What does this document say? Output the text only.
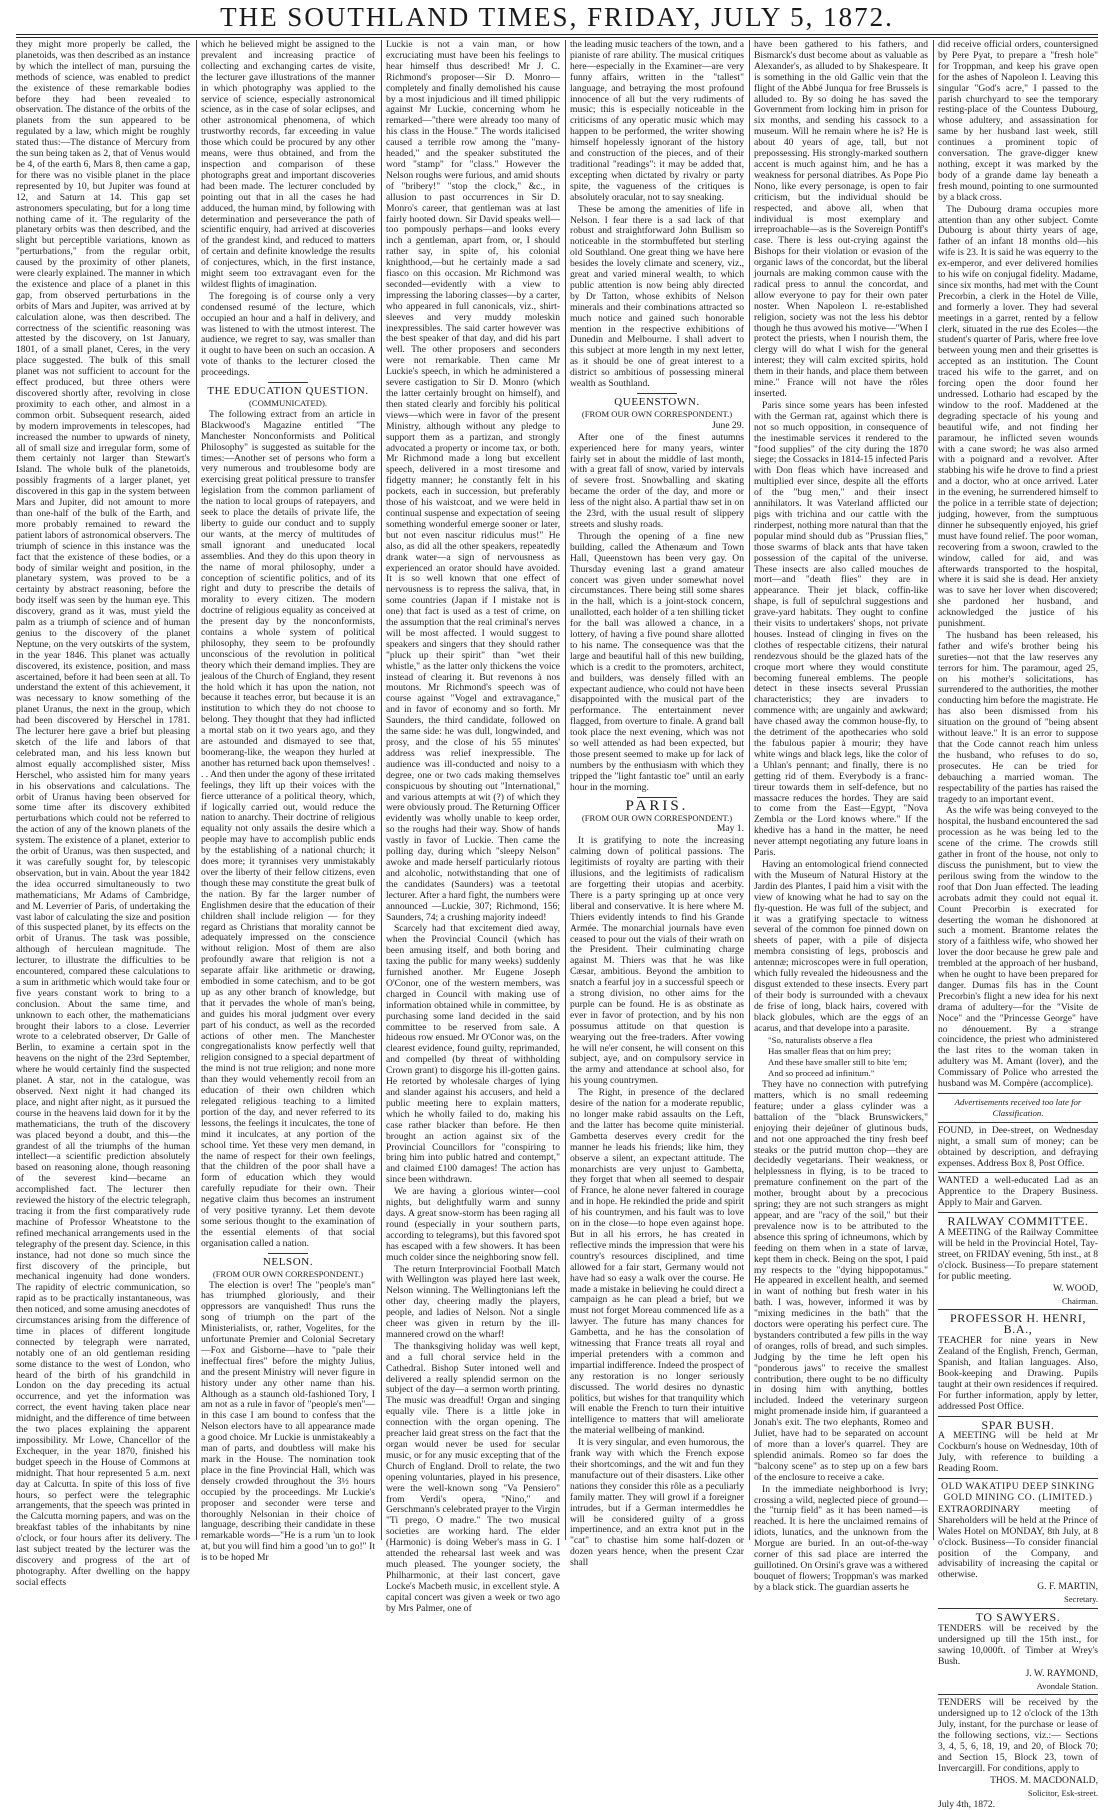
THE SOUTHLAND TIMES, FRIDAY, JULY 5, 1872.

they might more properly be called, the planetoids, was then described as an instance by which the intellect of man, pursuing the methods of science, was enabled to predict the existence of these remarkable bodies before they had been revealed to observation. The distance of the orbits of the planets from the sun appeared to be regulated by a law, which might be roughly stated thus:—The distance of Mercury from the sun being taken as 2, that of Venus would be 4, of the earth 6, Mars 8, then came a gap, for there was no visible planet in the place represented by 10, but Jupiter was found at 12, and Saturn at 14. This gap set astronomers speculating, but for a long time nothing came of it. The regularity of the planetary orbits was then described, and the slight but perceptible variations, known as "perturbations," from the regular orbit, caused by the proximity of other planets, were clearly explained. The manner in which the existence and place of a planet in this gap, from observed perturbations in the orbits of Mars and Jupiter, was arrived at by calculation alone, was then described. The correctness of the scientific reasoning was attested by the discovery, on 1st January, 1801, of a small planet, Ceres, in the very place suggested. The bulk of this small planet was not sufficient to account for the effect produced, but three others were discovered shortly after, revolving in close proximity to each other, and almost in a common orbit. Subsequent research, aided by modern improvements in telescopes, had increased the number to upwards of ninety, all of small size and irregular form, some of them certainly not larger than Stewart's Island. The whole bulk of the planetoids, possibly fragments of a larger planet, yet discovered in this gap in the system between Mars and Jupiter, did not amount to more than one-half of the bulk of the Earth, and more probably remained to reward the patient labors of astronomical observers. The triumph of science in this instance was the fact that the existence of these bodies, or a body of similar weight and position, in the planetary system, was proved to be a certainty by abstract reasoning, before the body itself was seen by the human eye. This discovery, grand as it was, must yield the palm as a triumph of science and of human genius to the discovery of the planet Neptune, on the very outskirts of the system, in the year 1846. This planet was actually discovered, its existence, position, and mass ascertained, before it had been seen at all. To understand the extent of this achievement, it was necessary to know something of the planet Uranus, the next in the group, which had been discovered by Herschel in 1781. The lecturer here gave a brief but pleasing sketch of the life and labors of that celebrated man, and his less known but almost equally accomplished sister, Miss Herschel, who assisted him for many years in his observations and calculations. The orbit of Uranus having been observed for some time after its discovery exhibited perturbations which could not be referred to the action of any of the known planets of the system. The existence of a planet, exterior to the orbit of Uranus, was then suspected, and it was carefully sought for, by telescopic observation, but in vain. About the year 1842 the idea occurred simultaneously to two mathematicians, Mr Adams of Cambridge, and M. Leverrier of Paris, of undertaking the vast labor of calculating the size and position of this suspected planet, by its effects on the orbit of Uranus. The task was possible, although of herculean magnitude. The lecturer, to illustrate the difficulties to be encountered, compared these calculations to a sum in arithmetic which would take four or five years constant work to bring to a conclusion. About the same time, and unknown to each other, the mathematicians brought their labors to a close. Leverrier wrote to a celebrated observer, Dr Galle of Berlin, to examine a certain spot in the heavens on the night of the 23rd September, where he would certainly find the suspected planet. A star, not in the catalogue, was observed. Next night it had changed its place, and night after night, as it pursued the course in the heavens laid down for it by the mathematicians, the truth of the discovery was placed beyond a doubt, and this—the grandest of all the triumphs of the human intellect—a scientific prediction absolutely based on reasoning alone, though reasoning of the severest kind—became an accomplished fact. The lecturer then reviewed the history of the electric telegraph, tracing it from the first comparatively rude machine of Professor Wheatstone to the refined mechanical arrangements used in the telegraphy of the present day. Science, in this instance, had not done so much since the first discovery of the principle, but mechanical ingenuity had done wonders. The rapidity of electric communication, so rapid as to be practically instantaneous, was then noticed, and some amusing anecdotes of circumstances arising from the difference of time in places of different longitude connected by telegraph were narrated, notably one of an old gentleman residing some distance to the west of London, who heard of the birth of his grandchild in London on the day preceding its actual occurrence, and yet the information was correct, the event having taken place near midnight, and the difference of time between the two places explaining the apparent impossibility. Mr Lowe, Chancellor of the Exchequer, in the year 1870, finished his budget speech in the House of Commons at midnight. That hour represented 5 a.m. next day at Calcutta. In spite of this loss of five hours, so perfect were the telegraphic arrangements, that the speech was printed in the Calcutta morning papers, and was on the breakfast tables of the inhabitants by nine o'clock, or four hours after its delivery. The last subject treated by the lecturer was the discovery and progress of the art of photography. After dwelling on the happy social effects

which he believed might be assigned to the prevalent and increasing practice of collecting and exchanging cartes de visite, the lecturer gave illustrations of the manner in which photography was applied to the service of science, especially astronomical science, as in the case of solar eclipses, and other astronomical phenomena, of which trustworthy records, far exceeding in value those which could be procured by any other means, were thus obtained, and from the inspection and comparison of these photographs great and important discoveries had been made. The lecturer concluded by pointing out that in all the cases he had adduced, the human mind, by following with determination and perseverance the path of scientific enquiry, had arrived at discoveries of the grandest kind, and reduced to matters of certain and definite knowledge the results of conjectures, which, in the first instance, might seem too extravagant even for the wildest flights of imagination.

The foregoing is of course only a very condensed resumé of the lecture, which occupied an hour and a half in delivery, and was listened to with the utmost interest. The audience, we regret to say, was smaller than it ought to have been on such an occasion. A vote of thanks to the lecturer closed the proceedings.

THE EDUCATION QUESTION.

(COMMUNICATED).

The following extract from an article in Blackwood's Magazine entitled "The Manchester Nonconformists and Political Philosophy" is suggested as suitable for the times:—Another set of persons who form a very numerous and troublesome body are exercising great political pressure to transfer legislation from the common parliament of the nation to local groups of ratepayers, and seek to place the details of private life, the liberty to guide our conduct and to supply our wants, at the mercy of multitudes of small ignorant and uneducated local assemblies. And they do this upon theory in the name of moral philosophy, under a conception of scientific politics, and of its right and duty to prescribe the details of morality to every citizen. The modern doctrine of religious equality as conceived at the present day by the nonconformists, contains a whole system of political philosophy, they seem to be profoundly unconscious of the revolution in political theory which their demand implies. They are jealous of the Church of England, they resent the hold which it has upon the nation, not because it teaches error, but because it is an institution to which they do not choose to belong. They thought that they had inflicted a mortal stab on it two years ago, and they are astounded and dismayed to see that, boomerang-like, the weapon they hurled at another has returned back upon themselves! . . . And then under the agony of these irritated feelings, they lift up their voices with the fierce utterance of a political theory, which, if logically carried out, would reduce the nation to anarchy. Their doctrine of religious equality not only assails the desire which a people may have to accomplish public ends by the establishing of a national church; it does more; it tyrannises very unmistakably over the liberty of their fellow citizens, even though these may constitute the great bulk of the nation. By far the larger number of Englishmen desire that the education of their children shall include religion — for they regard as Christians that morality cannot be adequately impressed on the conscience without religion. Most of them are also profoundly aware that religion is not a separate affair like arithmetic or drawing, embodied in some catechism, and to be got up as any other branch of knowledge, but that it pervades the whole of man's being, and guides his moral judgment over every part of his conduct, as well as the recorded actions of other men. The Manchester congregationalists know perfectly well that religion consigned to a special department of the mind is not true religion; and none more than they would vehemently recoil from an education of their own children which relegated religious teaching to a limited portion of the day, and never referred to its lessons, the feelings it inculcates, the tone of mind it inculcates, at any portion of the school time. Yet these very men demand, in the name of respect for their own feelings, that the children of the poor shall have a form of education which they would carefully repudiate for their own. Their negative claim thus becomes an instrument of very positive tyranny. Let them devote some serious thought to the examination of the essential elements of that social organisation called a nation.

NELSON.

(FROM OUR OWN CORRESPONDENT.)

The election is over! The "people's man" has triumphed gloriously, and their oppressors are vanquished! Thus runs the song of triumph on the part of the Ministerialists, or, rather, Vogelites, for the unfortunate Premier and Colonial Secretary—Fox and Gisborne—have to "pale their ineffectual fires" before the mighty Julius, and the present Ministry will never figure in history under any other name than his. Although as a staunch old-fashioned Tory, I am not as a rule in favor of "people's men"—in this case I am bound to confess that the Nelson electors have to all appearance made a good choice. Mr Luckie is unmistakeably a man of parts, and doubtless will make his mark in the House. The nomination took place in the fine Provincial Hall, which was densely crowded throughout the 3½ hours occupied by the proceedings. Mr Luckie's proposer and seconder were terse and thoroughly Nelsonian in their choice of language, describing their candidate in these remarkable words—"He is a rum 'un to look at, but you will find him a good 'un to go!" It is to be hoped Mr

Luckie is not a vain man, or how excruciating must have been his feelings to hear himself thus described! Mr J. C. Richmond's proposer—Sir D. Monro—completely and finally demolished his cause by a most injudicious and ill timed philippic against Mr Luckie, concerning whom he remarked—"there were already too many of his class in the House." The words italicised caused a terrible row among the "many-headed," and the speaker substituted the word "stamp" for "class." However the Nelson roughs were furious, and amid shouts of "bribery!" "stop the clock," &c., in allusion to past occurrences in Sir D. Monro's career, that gentleman was at last fairly hooted down. Sir David speaks well—too pompously perhaps—and looks every inch a gentleman, apart from, or, I should rather say, in spite of, his colonial knighthood,—but he certainly made a sad fiasco on this occasion. Mr Richmond was seconded—evidently with a view to impressing the laboring classes—by a carter, who appeared in full canonicals, viz., shirt-sleeves and very muddy moleskin inexpressibles. The said carter however was the best speaker of that day, and did his part well. The other proposers and seconders were not remarkable. Then came Mr Luckie's speech, in which he administered a severe castigation to Sir D. Monro (which the latter certainly brought on himself), and then stated clearly and forcibly his political views—which were in favor of the present Ministry, although without any pledge to support them as a partizan, and strongly advocated a property or income tax, or both. Mr Richmond made a long but excellent speech, delivered in a most tiresome and fidgetty manner; he constantly felt in his pockets, each in succession, but preferably those of his waistcoat, and we were held in continual suspense and expectation of seeing something wonderful emerge sooner or later, but not even nascitur ridiculus mus!" He also, as did all the other speakers, repeatedly drank water—a sign of nervousness as experienced an orator should have avoided. It is so well known that one effect of nervousness is to repress the saliva, that, in some countries (Japan if I mistake not is one) that fact is used as a test of crime, on the assumption that the real criminal's nerves will be most affected. I would suggest to speakers and singers that they should rather "pluck up their spirit" than "wet their whistle," as the latter only thickens the voice instead of clearing it. But revenons à nos moutons. Mr Richmond's speech was of course against "Vogel and extravagance," and in favor of economy and so forth. Mr Saunders, the third candidate, followed on the same side: he was dull, longwinded, and prosy, and the close of his 55 minutes' address was relief inexpressible. The audience was ill-conducted and noisy to a degree, one or two cads making themselves conspicuous by shouting out "International," and various attempts at wit (?) of which they were obviously proud. The Returning Officer evidently was wholly unable to keep order, so the roughs had their way. Show of hands vastly in favor of Luckie. Then came the polling day, during which "sleepy Nelson" awoke and made herself particularly riotous and alcoholic, notwithstanding that one of the candidates (Saunders) was a teetotal lecturer. After a hard fight, the numbers were announced —Luckie, 307; Richmond, 156; Saunders, 74; a crushing majority indeed!

Scarcely had that excitement died away, when the Provincial Council (which has been amusing itself, and both boring and taxing the public for many weeks) suddenly furnished another. Mr Eugene Joseph O'Conor, one of the western members, was charged in Council with making use of information obtained while in committee, by purchasing some land decided in the said committee to be reserved from sale. A hideous row ensued. Mr O'Conor was, on the clearest evidence, found guilty, reprimanded, and compelled (by threat of withholding Crown grant) to disgorge his ill-gotten gains. He retorted by wholesale charges of lying and slander against his accusers, and held a public meeting here to explain matters, which he wholly failed to do, making his case rather blacker than before. He then brought an action against six of the Provincial Councillors for "conspiring to bring him into public hatred and contempt," and claimed £100 damages! The action has since been withdrawn.

We are having a glorious winter—cool nights, but delightfully warm and sunny days. A great snow-storm has been raging all round (especially in your southern parts, according to telegrams), but this favored spot has escaped with a few showers. It has been much colder since the neighboring snow fell.

The return Interprovincial Football Match with Wellington was played here last week, Nelson winning. The Wellingtonians left the other day, cheering madly the players, people, and ladies of Nelson. Not a single cheer was given in return by the ill-mannered crowd on the wharf!

The thanksgiving holiday was well kept, and a full choral service held in the Cathedral. Bishop Suter intoned well and delivered a really splendid sermon on the subject of the day—a sermon worth printing. The music was dreadful! Organ and singing equally vile. There is a little joke in connection with the organ opening. The preacher laid great stress on the fact that the organ would never be used for secular music, or for any music excepting that of the Church of England. Droll to relate, the two opening voluntaries, played in his presence, were the well-known song "Va Pensiero" from Verdi's opera, "Nino," and Gerschmann's celebrated prayer to the Virgin "Ti prego, O madre." The two musical societies are working hard. The elder (Harmonic) is doing Weber's mass in G. I attended the rehearsal last week and was much pleased. The younger society, the Philharmonic, at their last concert, gave Locke's Macbeth music, in excellent style. A capital concert was given a week or two ago by Mrs Palmer, one of

the leading music teachers of the town, and a pianiste of rare ability. The musical critiques here—especially in the Examiner—are very funny affairs, written in the "tallest" language, and betraying the most profound innocence of all but the very rudiments of music; this is especially noticeable in the criticisms of any operatic music which may happen to be performed, the writer showing himself hopelessly ignorant of the history and construction of the pieces, and of their traditional "readings": it may be added that, excepting when dictated by rivalry or party spite, the vagueness of the critiques is absolutely oracular, not to say sneaking.

These be among the amenities of life in Nelson. I fear there is a sad lack of that robust and straightforward John Bullism so noticeable in the stormbuffeted but sterling old Southland. One great thing we have here besides the lovely climate and scenery, viz., great and varied mineral wealth, to which public attention is now being ably directed by Dr Tatton, whose exhibits of Nelson minerals and their combinations attracted so much notice and gained such honorable mention in the respective exhibitions of Dunedin and Melbourne. I shall advert to this subject at more length in my next letter, as it should be one of great interest to a district so ambitious of possessing mineral wealth as Southland.

QUEENSTOWN.

(FROM OUR OWN CORRESPONDENT.)

June 29.

After one of the finest autumns experienced here for many years, winter fairly set in about the middle of last month, with a great fall of snow, varied by intervals of severe frost. Snowballing and skating became the order of the day, and more or less of the night also. A partial thaw set in on the 23rd, with the usual result of slippery streets and slushy roads.

Through the opening of a fine new building, called the Athenæum and Town Hall, Queenstown has been very gay. On Thursday evening last a grand amateur concert was given under somewhat novel circumstances. There being still some shares in the hall, which is a joint-stock concern, unallotted, each holder of a ten shilling ticket for the ball was allowed a chance, in a lottery, of having a five pound share allotted to his name. The consequence was that the large and beautiful hall of this new building, which is a credit to the promoters, architect, and builders, was densely filled with an expectant audience, who could not have been disappointed with the musical part of the performance. The entertainment never flagged, from overture to finale. A grand ball took place the next evening, which was not so well attended as had been expected, but those present seemed to make up for lack of numbers by the enthusiasm with which they tripped the "light fantastic toe" until an early hour in the morning.

PARIS.

(FROM OUR OWN CORRESPONDENT.)

May 1.

It is gratifying to note the increasing calming down of political passions. The legitimists of royalty are parting with their illusions, and the legitimists of radicalism are forgetting their utopias and acerbity. There is a party springing up at once very liberal and conservative. It is here where M. Thiers evidently intends to find his Grande Armée. The monarchial journals have even ceased to pour out the vials of their wrath on the President. Their culminating charge against M. Thiers was that he was like Cæsar, ambitious. Beyond the ambition to snatch a fearful joy in a successful speech or a strong division, no other aims for the purple can be found. He is as obstinate as ever in favor of protection, and by his non possumus attitude on that question is wearying out the free-traders. After vowing he will ne'er consent, he will consent on this subject, aye, and on compulsory service in the army and attendance at school also, for his young countrymen.

The Right, in presence of the declared desire of the nation for a moderate republic, no longer make rabid assaults on the Left, and the latter has become quite ministerial. Gambetta deserves every credit for the manner he leads his friends; like him, they observe a silent, an expectant attitude. The monarchists are very unjust to Gambetta, they forget that when all seemed to despair of France, he alone never faltered in courage and in hope. He rekindled the pride and spirit of his countrymen, and his fault was to love on in the close—to hope even against hope. But in all his errors, he has created in reflective minds the impression that were his country's resources disciplined, and time allowed for a fair start, Germany would not have had so easy a walk over the course. He made a mistake in believing he could direct a campaign as he can plead a brief, but we must not forget Moreau commenced life as a lawyer. The future has many chances for Gambetta, and he has the consolation of witnessing that France treats all royal and imperial pretenders with a common and impartial indifference. Indeed the prospect of any restoration is no longer seriously discussed. The world desires no dynastic politics, but wishes for that tranquility which will enable the French to turn their intuitive intelligence to matters that will ameliorate the material wellbeing of mankind.

It is very singular, and even humorous, the frank way with which the French expose their shortcomings, and the wit and fun they manufacture out of their disasters. Like other nations they consider this rôle as a peculiarly family matter. They will growl if a foreigner intrudes, but if a German intermeddles he will be considered guilty of a gross impertinence, and an extra knot put in the "cat" to chastise him some half-dozen or dozen years hence, when the present Czar shall

have been gathered to his fathers, and Bismarck's dust become about as valuable as Alexander's, as alluded to by Shakespeare. It is something in the old Gallic vein that the flight of the Abbé Junqua for free Brussels is alluded to. By so doing he has saved the Government from locking him in prison for six months, and sending his cassock to a museum. Will he remain where he is? He is about 40 years of age, tall, but not prepossessing. His strongly-marked southern accent is much against him, and he has a weakness for personal diatribes. As Pope Pio Nono, like every personage, is open to fair criticism, but the individual should be respected, and above all, when that individual is most exemplary and irreproachable—as is the Sovereign Pontiff's case. There is less out-crying against the Bishops for their violation or evasion of the organic laws of the concordat, but the liberal journals are making common cause with the radical press to annul the concordat, and allow everyone to pay for their own pater noster. When Napoleon I. re-established religion, society was not the less his debtor though he thus avowed his motive—"When I protect the priests, when I nourish them, the clergy will do what I wish for the general interest; they will calm excited spirits, hold them in their hands, and place them between mine." France will not have the rôles inserted.

Paris since some years has been infested with the German rat, against which there is not so much opposition, in consequence of the inestimable services it rendered to the "food supplies" of the city during the 1870 siege; the Cossacks in 1814-15 infected Paris with Don fleas which have increased and multiplied ever since, despite all the efforts of the "bug men," and their insect annihilators. It was Vaterland afflicted our pigs with trichina and our cattle with the rinderpest, nothing more natural than that the popular mind should dub as "Prussian flies," those swarms of black ants that have taken possession of the capital of the universe. These insects are also called mouches de mort—and "death flies" they are in appearance. Their jet black, coffin-like shape, is full of sepulchral suggestions and grave-yard habitats. They ought to confine their visits to undertakers' shops, not private houses. Instead of clinging in fives on the clothes of respectable citizens, their natural rendezvous should be the glazed hats of the croque mort where they would constitute becoming funereal emblems. The people detect in these insects several Prussian characteristics; they are invaders to commence with; are ungainly and awkward; have chased away the common house-fly, to the detriment of the apothecaries who sold the fabulous papier à mourir; they have white wings and black legs, like the color of a Uhlan's pennant; and finally, there is no getting rid of them. Everybody is a franc-tireur towards them in self-defence, but no massacre reduces the hordes. They are said to come from the East—Egypt, "Nova Zembla or the Lord knows where." If the khedive has a hand in the matter, he need never attempt negotiating any future loans in Paris.

Having an entomological friend connected with the Museum of Natural History at the Jardin des Plantes, I paid him a visit with the view of knowing what he had to say on the fly-question. He was full of the subject, and it was a gratifying spectacle to witness several of the common foe pinned down on sheets of paper, with a pile of disjecta membra consisting of legs, proboscis and antennæ; microscopes were in full operation, which fully revealed the hideousness and the disgust extended to these insects. Every part of their body is surrounded with a chevaux de frise of long, black hairs, covered with black globules, which are the eggs of an acarus, and that develope into a parasite.

"So, naturalists observe a flea
Has smaller fleas that on him prey;
And these have smaller still to bite 'em;
And so proceed ad infinitum."

They have no connection with putrefying matters, which is no small redeeming feature; under a glass cylinder was a battalion of the "black Brunswickers," enjoying their dejeûner of glutinous buds, and not one approached the tiny fresh beef steaks or the putrid mutton chop—they are decidedly vegetarians. Their weakness, or helplessness in flying, is to be traced to premature confinement on the part of the mother, brought about by a precocious spring; they are not such strangers as might appear, and are "racy of the soil," but their prevalence now is to be attributed to the absence this spring of ichneumons, which by feeding on them when in a state of larvæ, kept them in check. Being on the spot, I paid my respects to the "dying hippopotamus." He appeared in excellent health, and seemed in want of nothing but fresh water in his bath. I was, however, informed it was by "mixing medicines in the bath" that the doctors were operating his perfect cure. The bystanders contributed a few pills in the way of oranges, rolls of bread, and such simples. Judging by the time he left open his "ponderous jaws" to receive the smallest contribution, there ought to be no difficulty in dosing him with anything, bottles included. Indeed the veterinary surgeon might promenade inside him, if guaranteed a Jonah's exit. The two elephants, Romeo and Juliet, have had to be separated on account of more than a lover's quarrel. They are splendid animals. Romeo so far does the "balcony scene" as to step up on a few bars of the enclosure to receive a cake.

In the immediate neighborhood is Ivry; crossing a wild, neglected piece of ground—the "turnip field" as it has been named—is reached. It is here the unclaimed remains of idiots, lunatics, and the unknown from the Morgue are buried. In an out-of-the-way corner of this sad place are interred the guillotined. On Orsini's grave was a withered bouquet of flowers; Troppman's was marked by a black stick. The guardian asserts he

did receive official orders, countersigned by Pere Pyat, to prepare a "fresh hole" for Troppman, and keep his grave open for the ashes of Napoleon I. Leaving this singular "God's acre," I passed to the parish churchyard to see the temporary resting-place of the Countess Dubourg, whose adultery, and assassination for same by her husband last week, still continues a prominent topic of conversation. The grave-digger knew nothing, except it was marked by the body of a grande dame lay beneath a fresh mound, pointing to one surmounted by a black cross.

The Dubourg drama occupies more attention than any other subject. Comte Dubourg is about thirty years of age, father of an infant 18 months old—his wife is 23. It is said he was equerry to the ex-emperor, and ever delivered homilies to his wife on conjugal fidelity. Madame, since six months, had met with the Count Precorbin, a clerk in the Hotel de Ville, and formerly a lover. They had several meetings in a garret, rented by a fellow clerk, situated in the rue des Ecoles—the student's quarter of Paris, where free love between young men and their grisettes is accepted as an institution. The Count traced his wife to the garret, and on forcing open the door found her undressed. Lothario had escaped by the window to the roof. Maddened at the degrading spectacle of his young and beautiful wife, and not finding her paramour, he inflicted seven wounds with a cane sword; he was also armed with a poignard and a revolver. After stabbing his wife he drove to find a priest and a doctor, who at once arrived. Later in the evening, he surrendered himself to the police in a terrible state of dejection; judging, however, from the sumptuous dinner he subsequently enjoyed, his grief must have found relief. The poor woman, recovering from a swoon, crawled to the window, called for aid, and was afterwards transported to the hospital, where it is said she is dead. Her anxiety was to save her lover when discovered; she pardoned her husband, and acknowledged the justice of his punishment.

The husband has been released, his father and wife's brother being his sureties—not that the law reserves any terrors for him. The paramour, aged 25, on his mother's solicitations, has surrendered to the authorities, the mother conducting him before the magistrate. He has also been dismissed from his situation on the ground of "being absent without leave." It is an error to suppose that the Code cannot reach him unless the husband, who refuses to do so, prosecutes. He can be tried for debauching a married woman. The respectability of the parties has raised the tragedy to an important event.

As the wife was being conveyed to the hospital, the husband encountered the sad procession as he was being led to the scene of the crime. The crowds still gather in front of the house, not only to discuss the punishment, but to view the perilous swing from the window to the roof that Don Juan effected. The leading acrobats admit they could not equal it. Count Precorbin is execrated for deserting the woman he dishonored at such a moment. Brantome relates the story of a faithless wife, who showed her lover the door because he grew pale and trembled at the approach of her husband, when he ought to have been prepared for danger. Dumas fils has in the Count Precorbin's flight a new idea for his next drama of adultery—for the "Visite de Noce" and the "Princesse George" have no dénouement. By a strange coincidence, the priest who administered the last rites to the woman taken in adultery was M. Amant (lover), and the Commissary of Police who arrested the husband was M. Compère (accomplice).

Advertisements received too late for Classification.

FOUND, in Dee-street, on Wednesday night, a small sum of money; can be obtained by description, and defraying expenses. Address Box 8, Post Office.

WANTED a well-educated Lad as an Apprentice to the Drapery Business. Apply to Mair and Garven.

RAILWAY COMMITTEE.

A MEETING of the Railway Committee will be held in the Provincial Hotel, Tay-street, on FRIDAY evening, 5th inst., at 8 o'clock. Business—To prepare statement for public meeting.

W. WOOD,

Chairman.

PROFESSOR H. HENRI, B.A.,

TEACHER for nine years in New Zealand of the English, French, German, Spanish, and Italian languages. Also, Book-keeping and Drawing. Pupils taught at their own residences if required. For further information, apply by letter, addressed Post Office.

SPAR BUSH.

A MEETING will be held at Mr Cockburn's house on Wednesday, 10th of July, with reference to building a Reading Room.

OLD WAKATIPU DEEP SINKING GOLD MINING CO. (LIMITED.)

EXTRAORDINARY meeting of Shareholders will be held at the Prince of Wales Hotel on MONDAY, 8th July, at 8 o'clock. Business—To consider financial position of the Company, and advisability of increasing the capital or otherwise.

G. F. MARTIN,

Secretary.

TO SAWYERS.

TENDERS will be received by the undersigned up till the 15th inst., for sawing 10,000ft. of Timber at Wrey's Bush.

J. W. RAYMOND,

Avondale Station.

TENDERS will be received by the undersigned up to 12 o'clock of the 13th July, instant, for the purchase or lease of the following sections, viz.:— Sections 3, 4, 5, 6, 18, 19, and 20, of Block 70; and Section 15, Block 23, town of Invercargill. For conditions, apply to

THOS. M. MACDONALD,

Solicitor, Esk-street.

July 4th, 1872.
